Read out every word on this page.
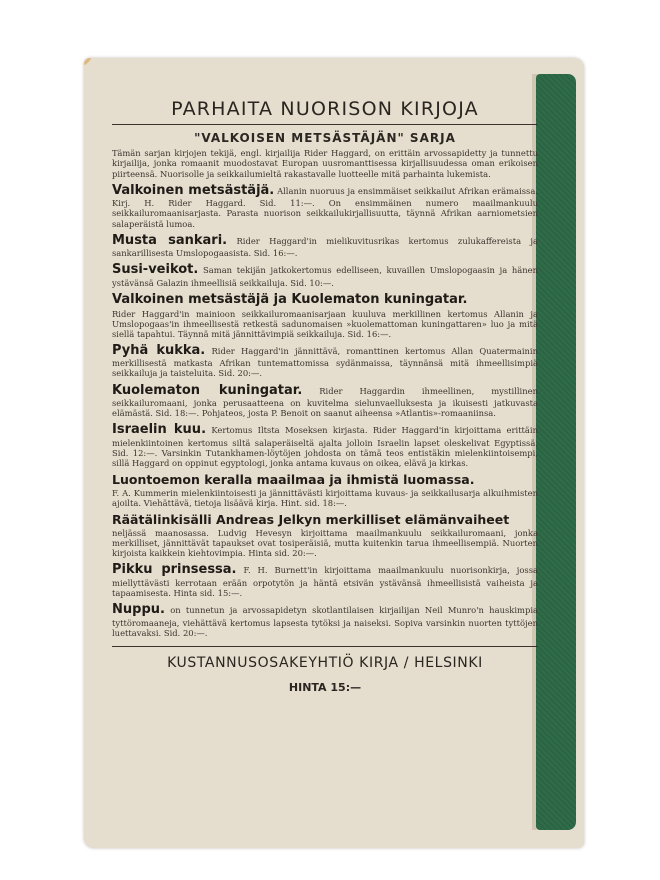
PARHAITA NUORISON KIRJOJA
"VALKOISEN METSÄSTÄJÄN" SARJA
Tämän sarjan kirjojen tekijä, engl. kirjailija Rider Haggard, on erittäin arvossapidetty ja tunnettu kirjailija, jonka romaanit muodostavat Europan uusromanttisessa kirjallisuudessa oman erikoisen piirteensä. Nuorisolle ja seikkailumieltä rakastavalle luotteelle mitä parhainta lukemista.
Valkoinen metsästäjä. Allanin nuoruus ja ensimmäiset seikkailut Afrikan erämaissa. Kirj. H. Rider Haggard. Sid. 11:—. On ensimmäinen numero maailmankuulu seikkailuromaanisarjasta. Parasta nuorison seikkailukirjallisuutta, täynnä Afrikan aarniometsien salaperäistä lumoa.
Musta sankari. Rider Haggard'in mielikuvitusrikas kertomus zulukaffereista ja sankarillisesta Umslopogaasista. Sid. 16:—.
Susi-veikot. Saman tekijän jatkokertomus edelliseen, kuvaillen Umslopogaasin ja hänen ystävänsä Galazin ihmeellisiä seikkailuja. Sid. 10:—.
Valkoinen metsästäjä ja Kuolematon kuningatar.
Rider Haggard'in mainioon seikkailuromaanisarjaan kuuluva merkillinen kertomus Allanin ja Umslopogaas'in ihmeellisestä retkestä sadunomaisen »kuolemattoman kuningattaren» luo ja mitä siellä tapahtui. Täynnä mitä jännittävimpiä seikkailuja. Sid. 16:—.
Pyhä kukka. Rider Haggard'in jännittävä, romanttinen kertomus Allan Quatermainin merkillisestä matkasta Afrikan tuntemattomissa sydänmaissa, täynnänsä mitä ihmeellisimpiä seikkailuja ja taisteluita. Sid. 20:—.
Kuolematon kuningatar. Rider Haggardin ihmeellinen, mystillinen seikkailuromaani, jonka perusaatteena on kuvitelma sielunvaelluksesta ja ikuisesti jatkuvasta elämästä. Sid. 18:—. Pohjateos, josta P. Benoit on saanut aiheensa »Atlantis»-romaaniinsa.
Israelin kuu. Kertomus Iltsta Moseksen kirjasta. Rider Haggard'in kirjoittama erittäin mielenkiintoinen kertomus siltä salaperäiseltä ajalta jolloin Israelin lapset oleskelivat Egyptissä. Sid. 12:—. Varsinkin Tutankhamen-löytöjen johdosta on tämä teos entistäkin mielenkiintoisempi, sillä Haggard on oppinut egyptologi, jonka antama kuvaus on oikea, elävä ja kirkas.
Luontoemon keralla maailmaa ja ihmistä luomassa.
F. A. Kummerin mielenkiintoisesti ja jännittävästi kirjoittama kuvaus- ja seikkailusarja alkuihmisten ajoilta. Viehättävä, tietoja lisäävä kirja. Hint. sid. 18:—.
Räätälinkisälli Andreas Jelkyn merkilliset elämänvaiheet
neljässä maanosassa. Ludvig Hevesyn kirjoittama maailmankuulu seikkailuromaani, jonka merkilliset, jännittävät tapaukset ovat tosiperäisiä, mutta kuitenkin tarua ihmeellisempiä. Nuorten kirjoista kaikkein kiehtovimpia. Hinta sid. 20:—.
Pikku prinsessa. F. H. Burnett'in kirjoittama maailmankuulu nuorisonkirja, jossa miellyttävästi kerrotaan erään orpotytön ja häntä etsivän ystävänsä ihmeellisistä vaiheista ja tapaamisesta. Hinta sid. 15:—.
Nuppu. on tunnetun ja arvossapidetyn skotlantilaisen kirjailijan Neil Munro'n hauskimpia tyttöromaaneja, viehättävä kertomus lapsesta tytöksi ja naiseksi. Sopiva varsinkin nuorten tyttöjen luettavaksi. Sid. 20:—.
KUSTANNUSOSAKEYHTIÖ KIRJA / HELSINKI
HINTA 15:—
